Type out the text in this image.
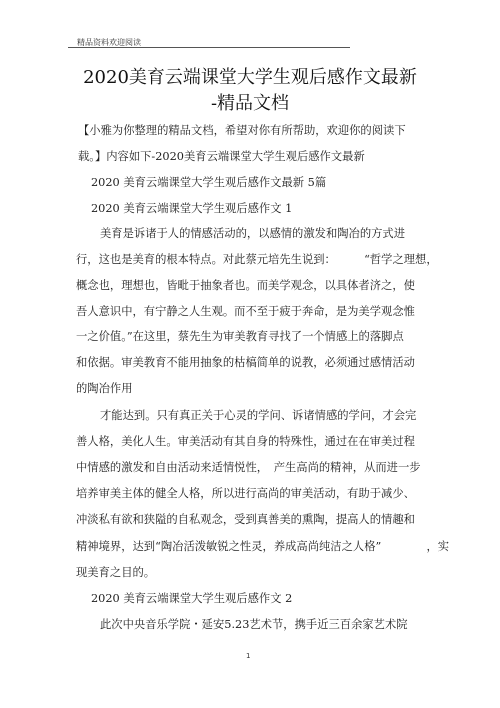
精品资料欢迎阅读
2020美育云端课堂大学生观后感作文最新
-精品文档
【小雅为你整理的精品文档，希望对你有所帮助，欢迎你的阅读下
载。】内容如下-2020美育云端课堂大学生观后感作文最新
2020 美育云端课堂大学生观后感作文最新 5篇
2020 美育云端课堂大学生观后感作文 1
美育是诉诸于人的情感活动的，以感情的激发和陶冶的方式进
行，这也是美育的根本特点。对此蔡元培先生说到：　　　“哲学之理想，
概念也，理想也，皆毗于抽象者也。而美学观念，以具体者济之，使
吾人意识中，有宁静之人生观。而不至于疲于奔命，是为美学观念惟
一之价值。”在这里，蔡先生为审美教育寻找了一个情感上的落脚点
和依据。审美教育不能用抽象的枯槁简单的说教，必须通过感情活动
的陶冶作用
才能达到。只有真正关于心灵的学问、诉诸情感的学问，才会完
善人格，美化人生。审美活动有其自身的特殊性，通过在在审美过程
中情感的激发和自由活动来适情悦性，　产生高尚的精神，从而进一步
培养审美主体的健全人格，所以进行高尚的审美活动，有助于减少、
冲淡私有欲和狭隘的自私观念，受到真善美的熏陶，提高人的情趣和
精神境界，达到“陶冶活泼敏锐之性灵，养成高尚纯洁之人格”　　　　，实
现美育之目的。
2020 美育云端课堂大学生观后感作文 2
此次中央音乐学院・延安5.23艺术节，携手近三百余家艺术院
1
